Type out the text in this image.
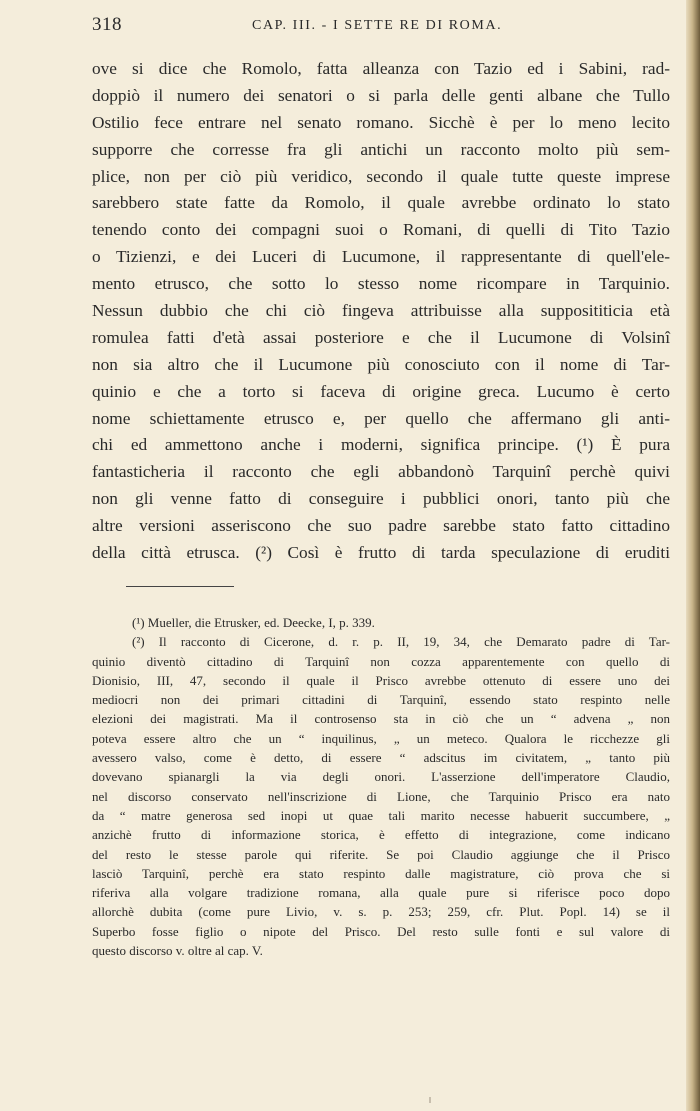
318	CAP. III. - I SETTE RE DI ROMA.
ove si dice che Romolo, fatta alleanza con Tazio ed i Sabini, rad-
doppiò il numero dei senatori o si parla delle genti albane che Tullo
Ostilio fece entrare nel senato romano. Sicchè è per lo meno lecito
supporre che corresse fra gli antichi un racconto molto più sem-
plice, non per ciò più veridico, secondo il quale tutte queste imprese
sarebbero state fatte da Romolo, il quale avrebbe ordinato lo stato
tenendo conto dei compagni suoi o Romani, di quelli di Tito Tazio
o Tizienzi, e dei Luceri di Lucumone, il rappresentante di quell'ele-
mento etrusco, che sotto lo stesso nome ricompare in Tarquinio.
Nessun dubbio che chi ciò fingeva attribuisse alla supposititicia età
romulea fatti d'età assai posteriore e che il Lucumone di Volsinî
non sia altro che il Lucumone più conosciuto con il nome di Tar-
quinio e che a torto si faceva di origine greca. Lucumo è certo
nome schiettamente etrusco e, per quello che affermano gli anti-
chi ed ammettono anche i moderni, significa principe. (¹) È pura
fantasticheria il racconto che egli abbandonò Tarquinî perchè quivi
non gli venne fatto di conseguire i pubblici onori, tanto più che
altre versioni asseriscono che suo padre sarebbe stato fatto cittadino
della città etrusca. (²) Così è frutto di tarda speculazione di eruditi
(¹) Mueller, die Etrusker, ed. Deecke, I, p. 339.
(²) Il racconto di Cicerone, d. r. p. II, 19, 34, che Demarato padre di Tar-
quinio diventò cittadino di Tarquinî non cozza apparentemente con quello di
Dionisio, III, 47, secondo il quale il Prisco avrebbe ottenuto di essere uno dei
mediocri non dei primari cittadini di Tarquinî, essendo stato respinto nelle
elezioni dei magistrati. Ma il controsenso sta in ciò che un “ advena „ non
poteva essere altro che un “ inquilinus, „ un meteco. Qualora le ricchezze gli
avessero valso, come è detto, di essere “ adscitus im civitatem, „ tanto più
dovevano spianargli la via degli onori. L'asserzione dell'imperatore Claudio,
nel discorso conservato nell'inscrizione di Lione, che Tarquinio Prisco era nato
da “ matre generosa sed inopi ut quae tali marito necesse habuerit succumbere, „
anzichè frutto di informazione storica, è effetto di integrazione, come indicano
del resto le stesse parole qui riferite. Se poi Claudio aggiunge che il Prisco
lasciò Tarquinî, perchè era stato respinto dalle magistrature, ciò prova che si
riferiva alla volgare tradizione romana, alla quale pure si riferisce poco dopo
allorchè dubita (come pure Livio, v. s. p. 253; 259, cfr. Plut. Popl. 14) se il
Superbo fosse figlio o nipote del Prisco. Del resto sulle fonti e sul valore di
questo discorso v. oltre al cap. V.
